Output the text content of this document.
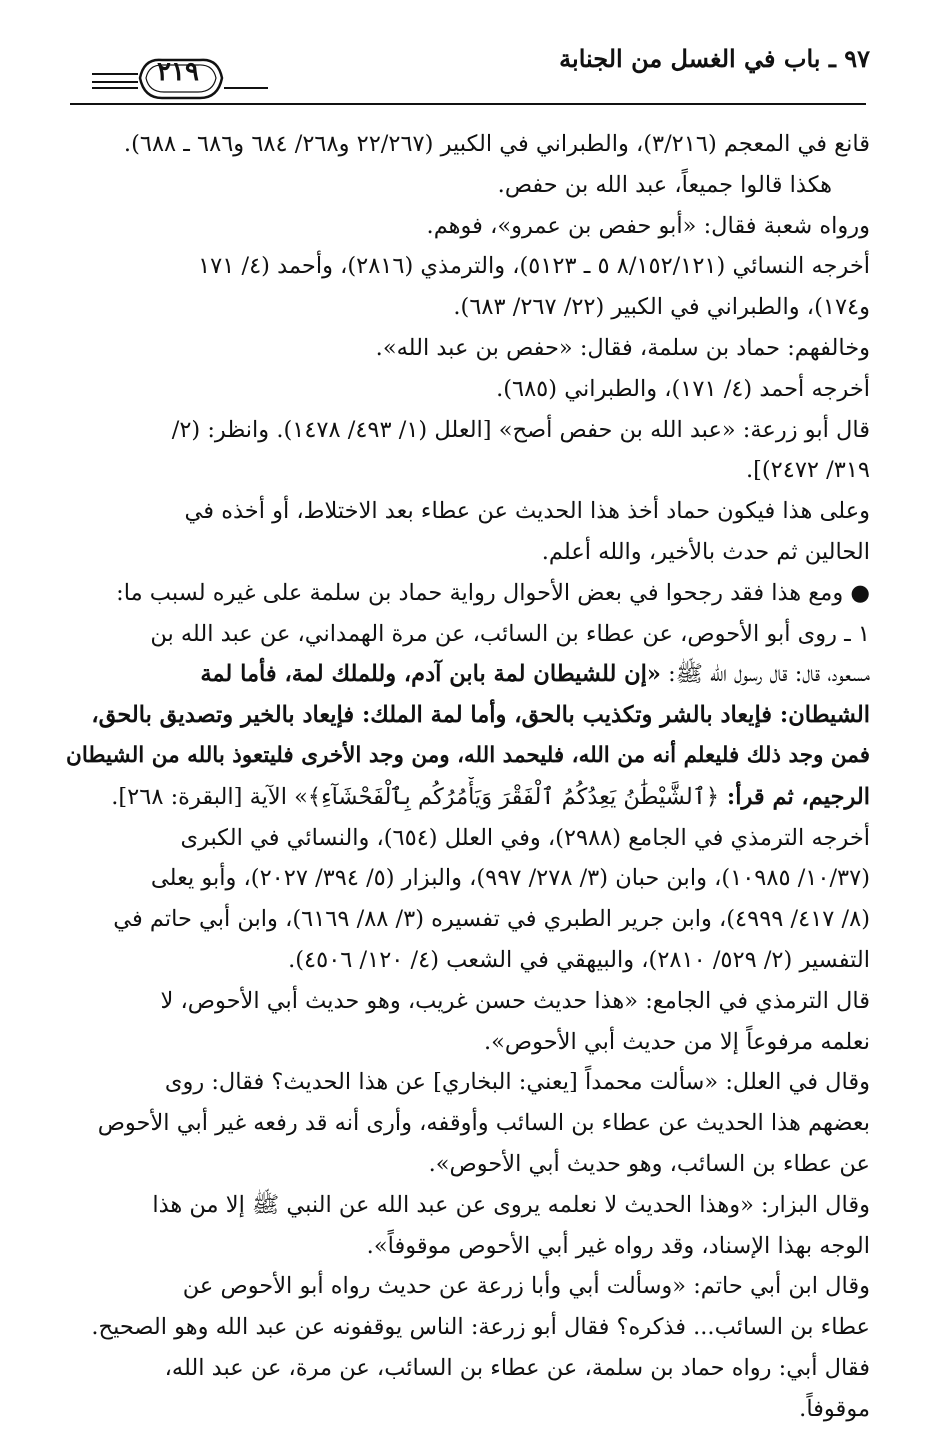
٩٧ ـ باب في الغسل من الجنابة
٢١٩
قانع في المعجم (٣/٢١٦)، والطبراني في الكبير (٢٢/٢٦٧ و٢٦٨/ ٦٨٤ و٦٨٦ ـ ٦٨٨).
هكذا قالوا جميعاً، عبد الله بن حفص.
ورواه شعبة فقال: «أبو حفص بن عمرو»، فوهم.
أخرجه النسائي (٨/١٥٢/١٢١ ٥ ـ ٥١٢٣)، والترمذي (٢٨١٦)، وأحمد (٤/ ١٧١
و١٧٤)، والطبراني في الكبير (٢٢/ ٢٦٧/ ٦٨٣).
وخالفهم: حماد بن سلمة، فقال: «حفص بن عبد الله».
أخرجه أحمد (٤/ ١٧١)، والطبراني (٦٨٥).
قال أبو زرعة: «عبد الله بن حفص أصح» [العلل (١/ ٤٩٣/ ١٤٧٨). وانظر: (٢/
٣١٩/ ٢٤٧٢)].
وعلى هذا فيكون حماد أخذ هذا الحديث عن عطاء بعد الاختلاط، أو أخذه في
الحالين ثم حدث بالأخير، والله أعلم.
● ومع هذا فقد رجحوا في بعض الأحوال رواية حماد بن سلمة على غيره لسبب ما:
١ ـ روى أبو الأحوص، عن عطاء بن السائب، عن مرة الهمداني، عن عبد الله بن
مسعود، قال: قال رسول الله ﷺ: «إن للشيطان لمة بابن آدم، وللملك لمة، فأما لمة
الشيطان: فإيعاد بالشر وتكذيب بالحق، وأما لمة الملك: فإيعاد بالخير وتصديق بالحق،
فمن وجد ذلك فليعلم أنه من الله، فليحمد الله، ومن وجد الأخرى فليتعوذ بالله من الشيطان
الرجيم، ثم قرأ: ﴿ٱلشَّيْطَٰنُ يَعِدُكُمُ ٱلْفَقْرَ وَيَأْمُرُكُم بِٱلْفَحْشَآءِ﴾» الآية [البقرة: ٢٦٨].
أخرجه الترمذي في الجامع (٢٩٨٨)، وفي العلل (٦٥٤)، والنسائي في الكبرى
(١٠/٣٧/ ١٠٩٨٥)، وابن حبان (٣/ ٢٧٨/ ٩٩٧)، والبزار (٥/ ٣٩٤/ ٢٠٢٧)، وأبو يعلى
(٨/ ٤١٧/ ٤٩٩٩)، وابن جرير الطبري في تفسيره (٣/ ٨٨/ ٦١٦٩)، وابن أبي حاتم في
التفسير (٢/ ٥٢٩/ ٢٨١٠)، والبيهقي في الشعب (٤/ ١٢٠/ ٤٥٠٦).
قال الترمذي في الجامع: «هذا حديث حسن غريب، وهو حديث أبي الأحوص، لا
نعلمه مرفوعاً إلا من حديث أبي الأحوص».
وقال في العلل: «سألت محمداً [يعني: البخاري] عن هذا الحديث؟ فقال: روى
بعضهم هذا الحديث عن عطاء بن السائب وأوقفه، وأرى أنه قد رفعه غير أبي الأحوص
عن عطاء بن السائب، وهو حديث أبي الأحوص».
وقال البزار: «وهذا الحديث لا نعلمه يروى عن عبد الله عن النبي ﷺ إلا من هذا
الوجه بهذا الإسناد، وقد رواه غير أبي الأحوص موقوفاً».
وقال ابن أبي حاتم: «وسألت أبي وأبا زرعة عن حديث رواه أبو الأحوص عن
عطاء بن السائب... فذكره؟ فقال أبو زرعة: الناس يوقفونه عن عبد الله وهو الصحيح.
فقال أبي: رواه حماد بن سلمة، عن عطاء بن السائب، عن مرة، عن عبد الله،
موقوفاً.
